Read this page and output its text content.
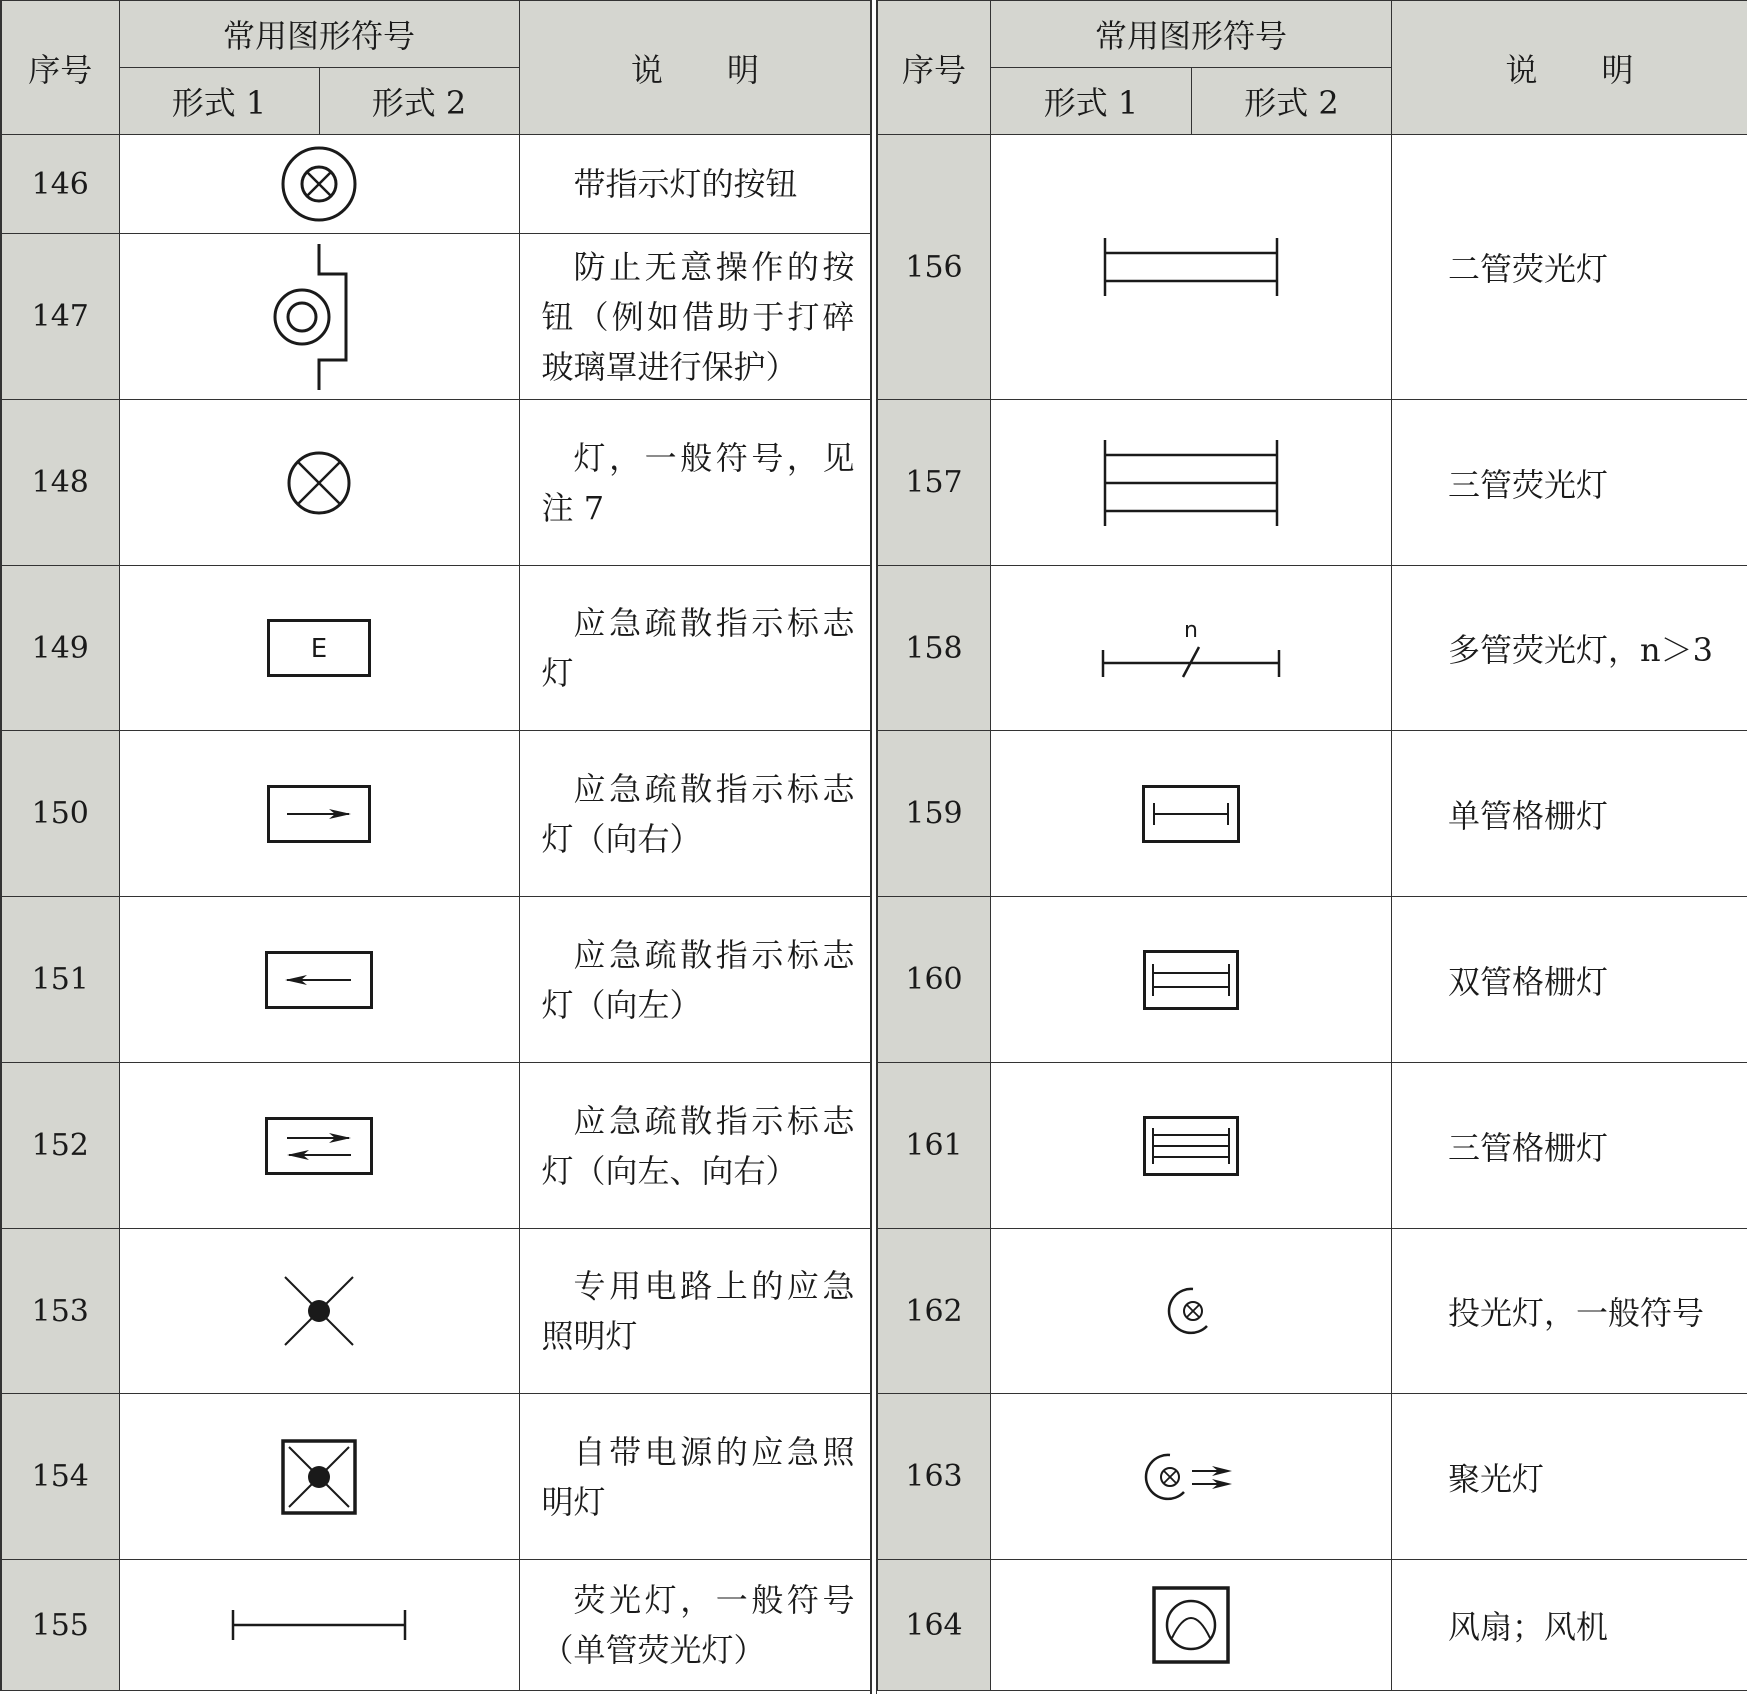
序号	常用图形符号		说　　明
	形式 1	形式 2	
146			带指示灯的按钮

147			防止无意操作的按钮（例如借助于打碎玻璃罩进行保护）

148			灯，一般符号，见注 7

149	E		应急疏散指示标志灯

150			应急疏散指示标志灯（向右）

151			应急疏散指示标志灯（向左）

152			应急疏散指示标志灯（向左、向右）

153			专用电路上的应急照明灯

154			自带电源的应急照明灯

155			荧光灯，一般符号（单管荧光灯）
序号	常用图形符号		说　　明
	形式 1	形式 2	
156			二管荧光灯
157			三管荧光灯
158	n		多管荧光灯，n＞3
159			单管格栅灯
160			双管格栅灯
161			三管格栅灯
162			投光灯，一般符号
163			聚光灯
164			风扇；风机
